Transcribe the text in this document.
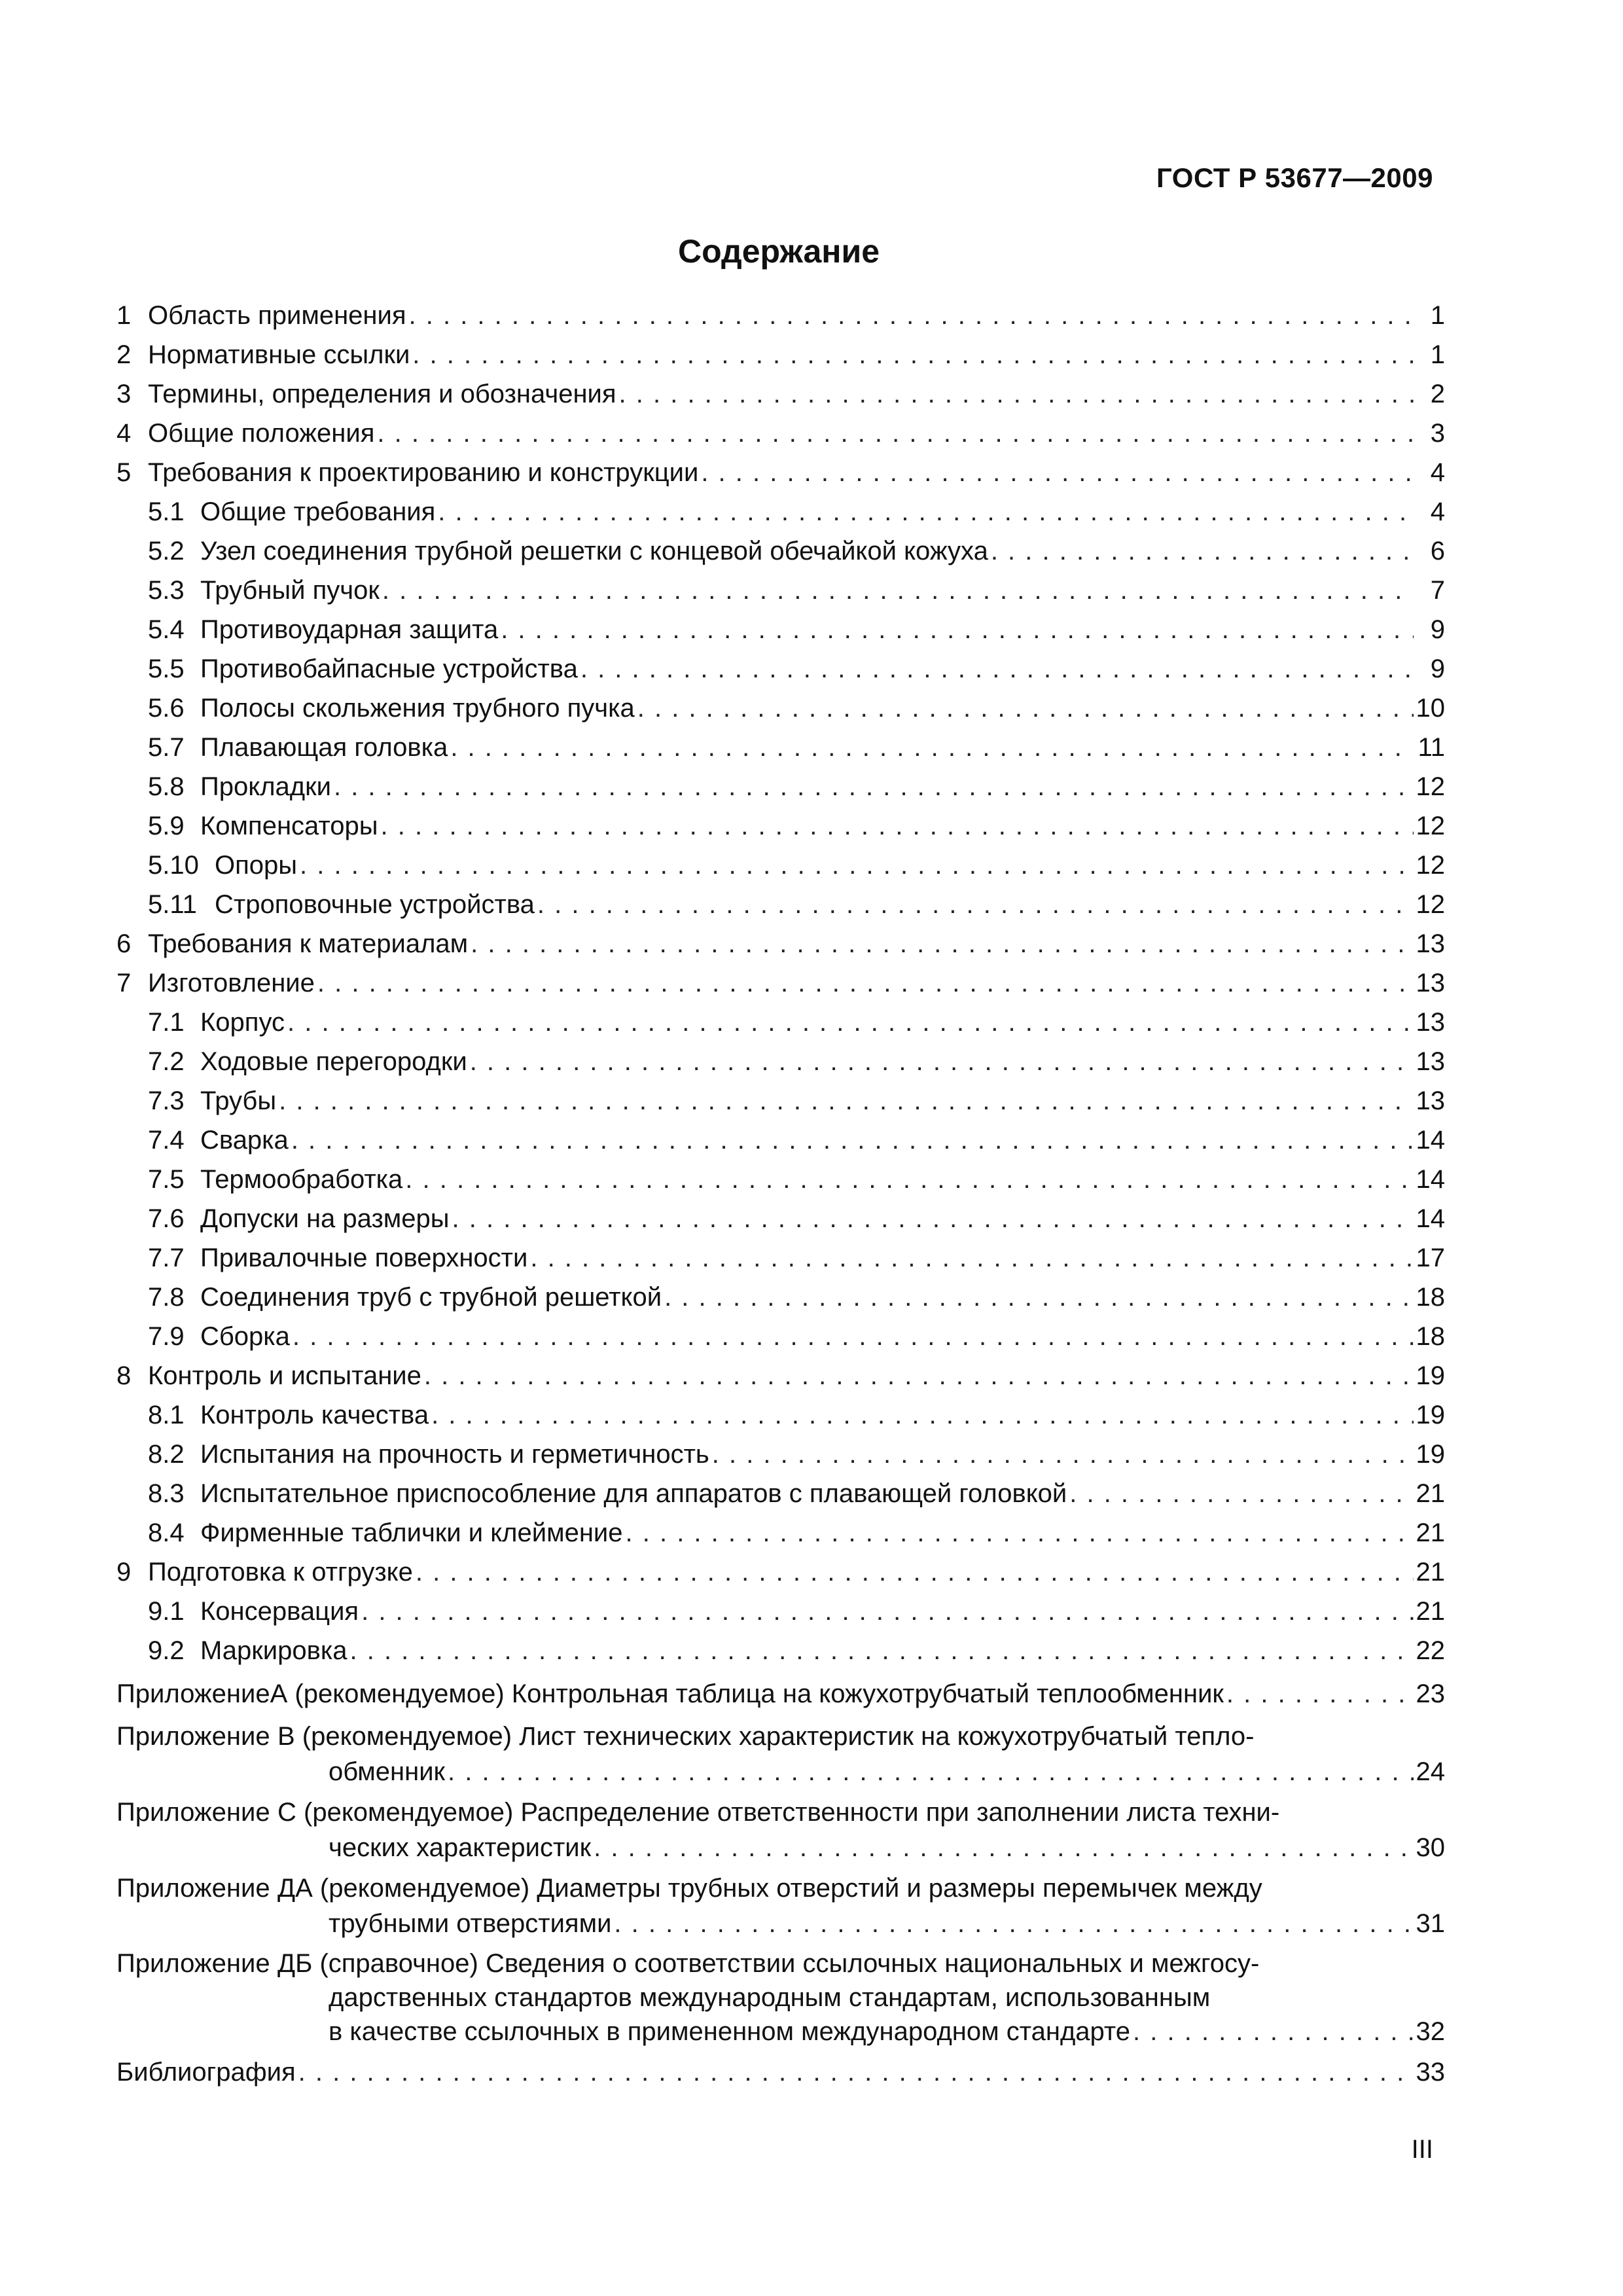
ГОСТ Р 53677—2009
Содержание
1 Область применения . . .	1
2 Нормативные ссылки . . .	1
3 Термины, определения и обозначения . . .	2
4 Общие положения . . .	3
5 Требования к проектированию и конструкции . . .	4
5.1 Общие требования . . .	4
5.2 Узел соединения трубной решетки с концевой обечайкой кожуха . . .	6
5.3 Трубный пучок . . .	7
5.4 Противоударная защита . . .	9
5.5 Противобайпасные устройства . . .	9
5.6 Полосы скольжения трубного пучка . . .	10
5.7 Плавающая головка . . .	11
5.8 Прокладки . . .	12
5.9 Компенсаторы . . .	12
5.10 Опоры . . .	12
5.11 Строповочные устройства . . .	12
6 Требования к материалам . . .	13
7 Изготовление . . .	13
7.1 Корпус . . .	13
7.2 Ходовые перегородки . . .	13
7.3 Трубы . . .	13
7.4 Сварка . . .	14
7.5 Термообработка . . .	14
7.6 Допуски на размеры . . .	14
7.7 Привалочные поверхности . . .	17
7.8 Соединения труб с трубной решеткой . . .	18
7.9 Сборка . . .	18
8 Контроль и испытание . . .	19
8.1 Контроль качества . . .	19
8.2 Испытания на прочность и герметичность . . .	19
8.3 Испытательное приспособление для аппаратов с плавающей головкой . . .	21
8.4 Фирменные таблички и клеймение . . .	21
9 Подготовка к отгрузке . . .	21
9.1 Консервация . . .	21
9.2 Маркировка . . .	22
Приложение А (рекомендуемое) Контрольная таблица на кожухотрубчатый теплообменник . . .	23
Приложение В (рекомендуемое) Лист технических характеристик на кожухотрубчатый тепло-
обменник . . .	24
Приложение С (рекомендуемое) Распределение ответственности при заполнении листа техни-
ческих характеристик . . .	30
Приложение ДА (рекомендуемое) Диаметры трубных отверстий и размеры перемычек между
трубными отверстиями . . .	31
Приложение ДБ (справочное) Сведения о соответствии ссылочных национальных и межгосу-
дарственных стандартов международным стандартам, использованным
в качестве ссылочных в примененном международном стандарте . . .	32
Библиография . . .	33
III
